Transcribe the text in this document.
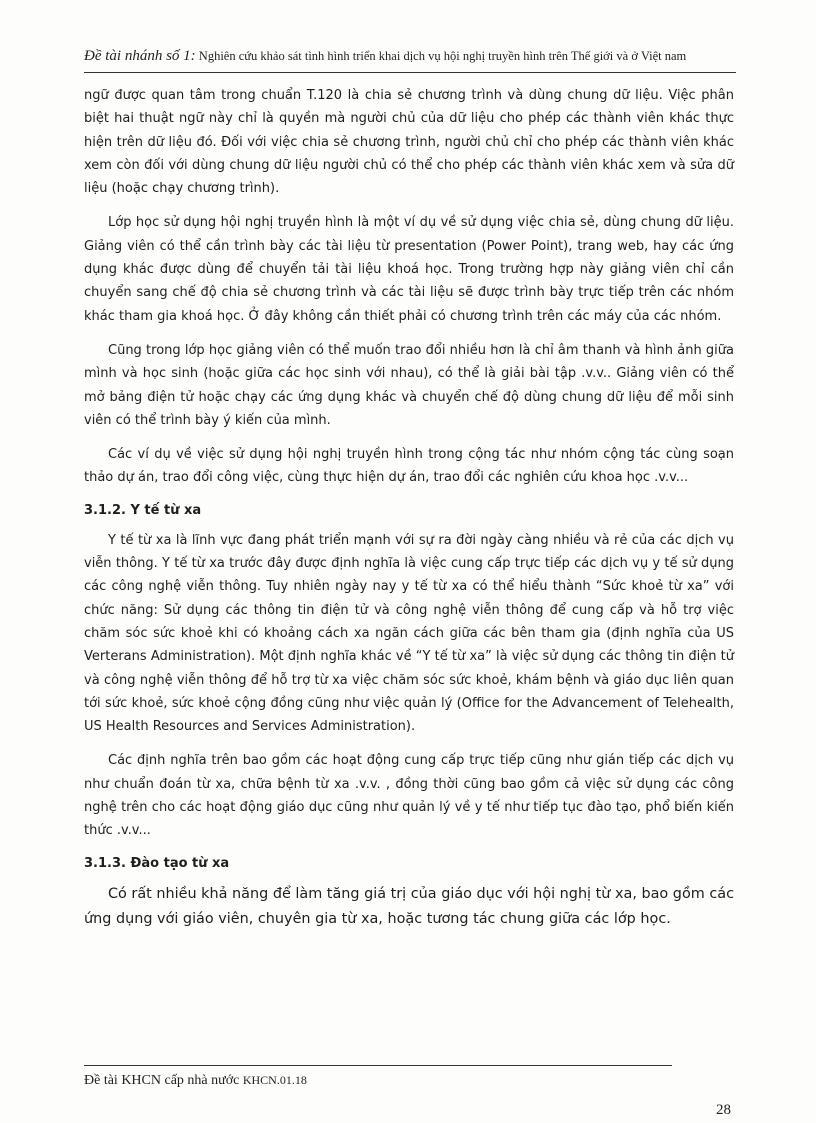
Đề tài nhánh số 1: Nghiên cứu khảo sát tình hình triển khai dịch vụ hội nghị truyền hình trên Thế giới và ở Việt nam

ngữ được quan tâm trong chuẩn T.120 là chia sẻ chương trình và dùng chung dữ liệu. Việc phân biệt hai thuật ngữ này chỉ là quyền mà người chủ của dữ liệu cho phép các thành viên khác thực hiện trên dữ liệu đó. Đối với việc chia sẻ chương trình, người chủ chỉ cho phép các thành viên khác xem còn đối với dùng chung dữ liệu người chủ có thể cho phép các thành viên khác xem và sửa dữ liệu (hoặc chạy chương trình).

Lớp học sử dụng hội nghị truyền hình là một ví dụ về sử dụng việc chia sẻ, dùng chung dữ liệu. Giảng viên có thể cần trình bày các tài liệu từ presentation (Power Point), trang web, hay các ứng dụng khác được dùng để chuyển tải tài liệu khoá học. Trong trường hợp này giảng viên chỉ cần chuyển sang chế độ chia sẻ chương trình và các tài liệu sẽ được trình bày trực tiếp trên các nhóm khác tham gia khoá học. Ở đây không cần thiết phải có chương trình trên các máy của các nhóm.

Cũng trong lớp học giảng viên có thể muốn trao đổi nhiều hơn là chỉ âm thanh và hình ảnh giữa mình và học sinh (hoặc giữa các học sinh với nhau), có thể là giải bài tập .v.v.. Giảng viên có thể mở bảng điện tử hoặc chạy các ứng dụng khác và chuyển chế độ dùng chung dữ liệu để mỗi sinh viên có thể trình bày ý kiến của mình.

Các ví dụ về việc sử dụng hội nghị truyền hình trong cộng tác như nhóm cộng tác cùng soạn thảo dự án, trao đổi công việc, cùng thực hiện dự án, trao đổi các nghiên cứu khoa học .v.v...

3.1.2. Y tế từ xa

Y tế từ xa là lĩnh vực đang phát triển mạnh với sự ra đời ngày càng nhiều và rẻ của các dịch vụ viễn thông. Y tế từ xa trước đây được định nghĩa là việc cung cấp trực tiếp các dịch vụ y tế sử dụng các công nghệ viễn thông. Tuy nhiên ngày nay y tế từ xa có thể hiểu thành “Sức khoẻ từ xa” với chức năng: Sử dụng các thông tin điện tử và công nghệ viễn thông để cung cấp và hỗ trợ việc chăm sóc sức khoẻ khi có khoảng cách xa ngăn cách giữa các bên tham gia (định nghĩa của US Verterans Administration). Một định nghĩa khác về “Y tế từ xa” là việc sử dụng các thông tin điện tử và công nghệ viễn thông để hỗ trợ từ xa việc chăm sóc sức khoẻ, khám bệnh và giáo dục liên quan tới sức khoẻ, sức khoẻ cộng đồng cũng như việc quản lý (Office for the Advancement of Telehealth, US Health Resources and Services Administration).

Các định nghĩa trên bao gồm các hoạt động cung cấp trực tiếp cũng như gián tiếp các dịch vụ như chuẩn đoán từ xa, chữa bệnh từ xa .v.v. , đồng thời cũng bao gồm cả việc sử dụng các công nghệ trên cho các hoạt động giáo dục cũng như quản lý về y tế như tiếp tục đào tạo, phổ biến kiến thức .v.v...

3.1.3. Đào tạo từ xa

Có rất nhiều khả năng để làm tăng giá trị của giáo dục với hội nghị từ xa, bao gồm các ứng dụng với giáo viên, chuyên gia từ xa, hoặc tương tác chung giữa các lớp học.

Đề tài KHCN cấp nhà nước KHCN.01.18
28
